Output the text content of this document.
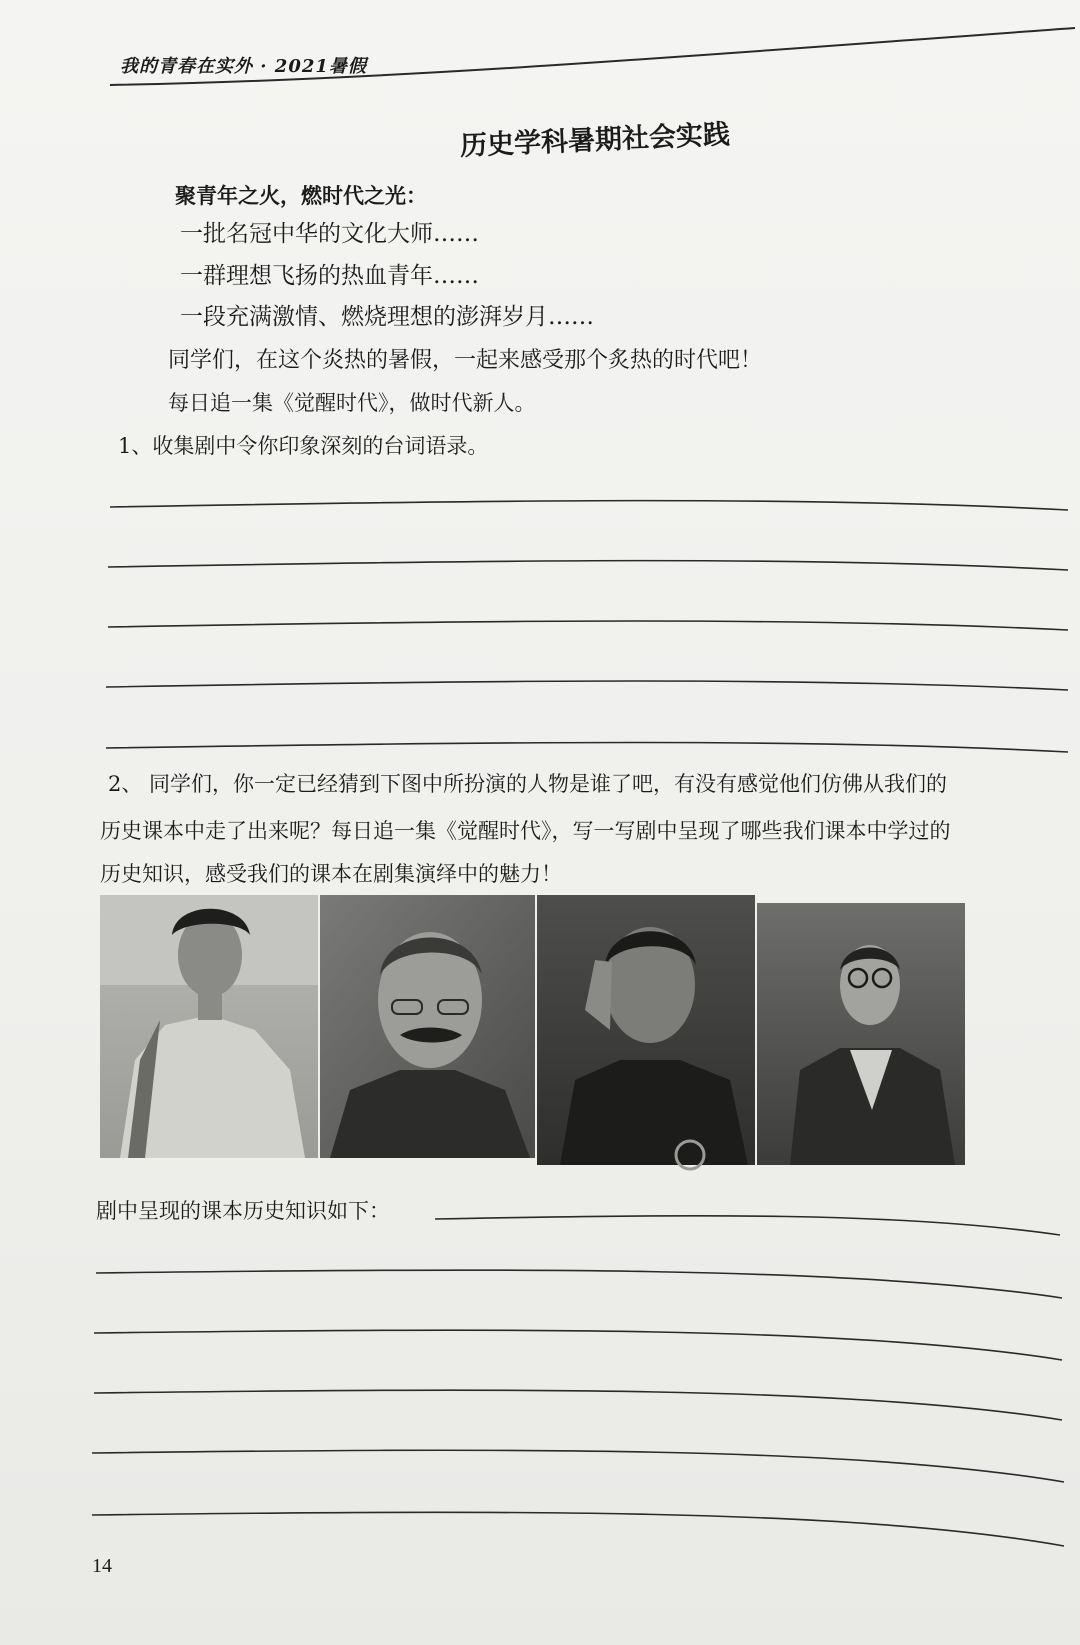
我的青春在实外 · 2021暑假
历史学科暑期社会实践
聚青年之火，燃时代之光：
一批名冠中华的文化大师……
一群理想飞扬的热血青年……
一段充满激情、燃烧理想的澎湃岁月……
同学们，在这个炎热的暑假，一起来感受那个炙热的时代吧！
每日追一集《觉醒时代》，做时代新人。
1、收集剧中令你印象深刻的台词语录。
2、 同学们，你一定已经猜到下图中所扮演的人物是谁了吧，有没有感觉他们仿佛从我们的
历史课本中走了出来呢？每日追一集《觉醒时代》，写一写剧中呈现了哪些我们课本中学过的
历史知识，感受我们的课本在剧集演绎中的魅力！
剧中呈现的课本历史知识如下：
14
